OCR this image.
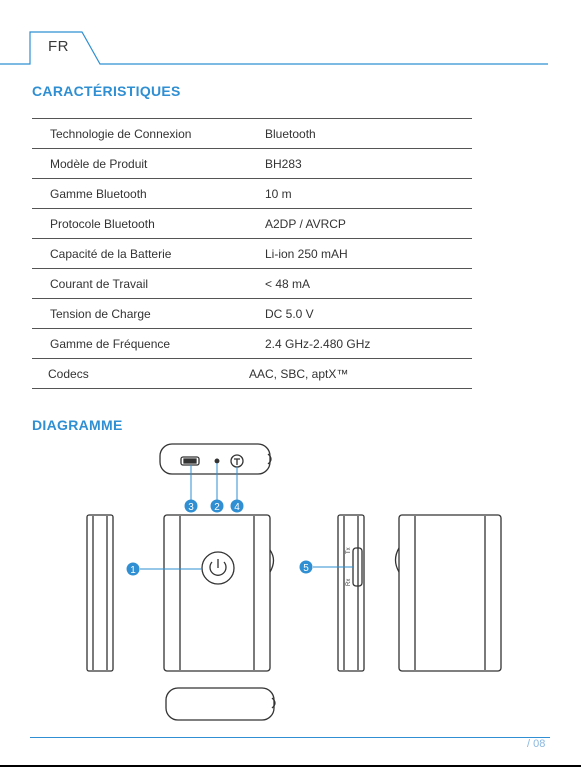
FR
CARACTÉRISTIQUES
Technologie de Connexion	Bluetooth
Modèle de Produit	BH283
Gamme Bluetooth	10 m
Protocole Bluetooth	A2DP / AVRCP
Capacité de la Batterie	Li-ion 250 mAH
Courant de Travail	< 48 mA
Tension de Charge	DC 5.0 V
Gamme de Fréquence	2.4 GHz-2.480 GHz
Codecs	AAC, SBC, aptX™
DIAGRAMME
Rx
Tx
3 2 4
1	5
/ 08
